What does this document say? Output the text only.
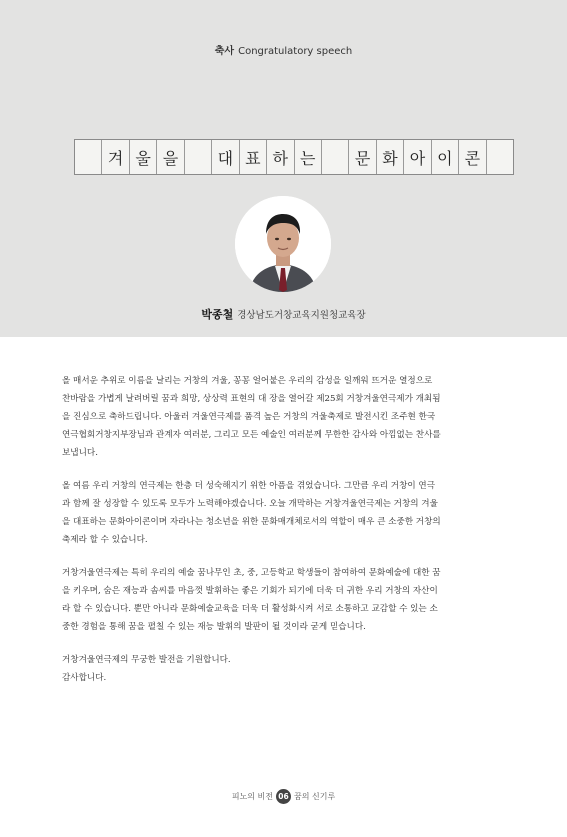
축사 Congratulatory speech
겨 울 을	대 표 하 는	문 화 아 이 콘
박종철 경상남도거창교육지원청교육장
올 매서운 추위로 이름을 날리는 거창의 겨울, 꽁꽁 얼어붙은 우리의 감성을 일깨워 뜨거운 열정으로
찬바람을 가볍게 날려버릴 꿈과 희망, 상상력 표현의 대 장을 열어갈 제25회 거창겨울연극제가 개최됨
을 진심으로 축하드립니다. 아울러 겨울연극제를 품격 높은 거창의 겨울축제로 발전시킨 조주현 한국
연극협회거창지부장님과 관계자 여러분, 그리고 모든 예술인 여러분께 무한한 감사와 아낌없는 찬사를
보냅니다.
올 여름 우리 거창의 연극제는 한층 더 성숙해지기 위한 아픔을 겪었습니다. 그만큼 우리 거창이 연극
과 함께 잘 성장할 수 있도록 모두가 노력해야겠습니다. 오늘 개막하는 거창겨울연극제는 거창의 겨울
을 대표하는 문화아이콘이며 자라나는 청소년을 위한 문화매개체로서의 역할이 매우 큰 소중한 거창의
축제라 할 수 있습니다.
거창겨울연극제는 특히 우리의 예술 꿈나무인 초, 중, 고등학교 학생들이 참여하여 문화예술에 대한 꿈
을 키우며, 숨은 재능과 솜씨를 마음껏 발휘하는 좋은 기회가 되기에 더욱 더 귀한 우리 거창의 자산이
라 할 수 있습니다. 뿐만 아니라 문화예술교육을 더욱 더 활성화시켜 서로 소통하고 교감할 수 있는 소
중한 경험을 통해 꿈을 펼칠 수 있는 재능 발휘의 발판이 될 것이라 굳게 믿습니다.
거창겨울연극제의 무궁한 발전을 기원합니다.
감사합니다.
피노의 비전 06 꿈의 신기루
